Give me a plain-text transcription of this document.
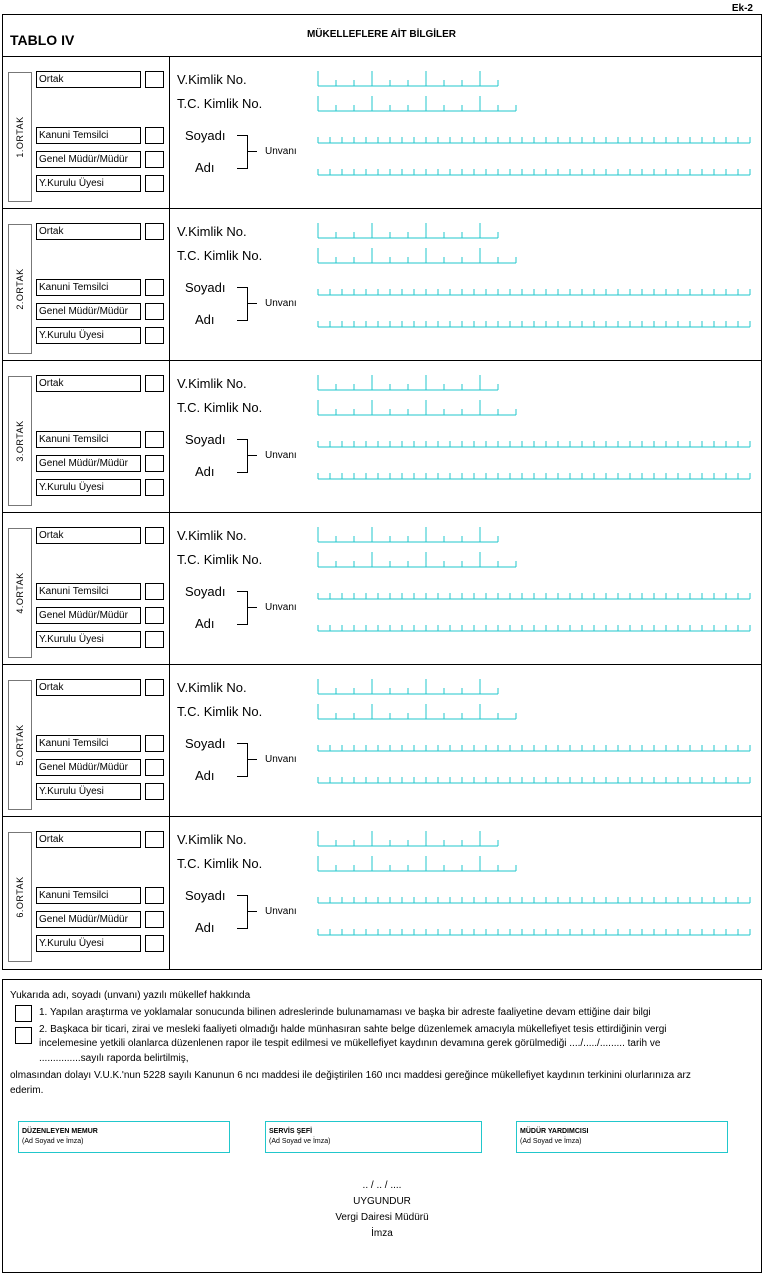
Ek-2
TABLO IV	MÜKELLEFLERE AİT BİLGİLER
1.ORTAK
Ortak
Kanuni Temsilci
Genel Müdür/Müdür
Y.Kurulu Üyesi
V.Kimlik No.
T.C. Kimlik No.
Soyadı
Adı
Unvanı
2.ORTAK
Ortak
Kanuni Temsilci
Genel Müdür/Müdür
Y.Kurulu Üyesi
V.Kimlik No.
T.C. Kimlik No.
Soyadı
Adı
Unvanı
3.ORTAK
Ortak
Kanuni Temsilci
Genel Müdür/Müdür
Y.Kurulu Üyesi
V.Kimlik No.
T.C. Kimlik No.
Soyadı
Adı
Unvanı
4.ORTAK
Ortak
Kanuni Temsilci
Genel Müdür/Müdür
Y.Kurulu Üyesi
V.Kimlik No.
T.C. Kimlik No.
Soyadı
Adı
Unvanı
5.ORTAK
Ortak
Kanuni Temsilci
Genel Müdür/Müdür
Y.Kurulu Üyesi
V.Kimlik No.
T.C. Kimlik No.
Soyadı
Adı
Unvanı
6.ORTAK
Ortak
Kanuni Temsilci
Genel Müdür/Müdür
Y.Kurulu Üyesi
V.Kimlik No.
T.C. Kimlik No.
Soyadı
Adı
Unvanı
Yukarıda adı, soyadı (unvanı) yazılı mükellef hakkında
1. Yapılan araştırma ve yoklamalar sonucunda bilinen adreslerinde bulunamaması ve başka bir adreste faaliyetine devam ettiğine dair bilgi
2. Başkaca bir ticari, zirai ve mesleki faaliyeti olmadığı halde münhasıran sahte belge düzenlemek amacıyla mükellefiyet tesis ettirdiğinin vergi
incelemesine yetkili olanlarca düzenlenen rapor ile tespit edilmesi ve mükellefiyet kaydının devamına gerek görülmediği ..../...../......... tarih ve
...............sayılı raporda belirtilmiş,
olmasından dolayı V.U.K.'nun 5228 sayılı Kanunun 6 ncı maddesi ile değiştirilen 160 ıncı maddesi gereğince mükellefiyet kaydının terkinini olurlarınıza arz
ederim.
DÜZENLEYEN MEMUR
(Ad Soyad ve İmza)
SERVİS ŞEFİ
(Ad Soyad ve İmza)
MÜDÜR YARDIMCISI
(Ad Soyad ve İmza)
.. / .. / ....
UYGUNDUR
Vergi Dairesi Müdürü
İmza
